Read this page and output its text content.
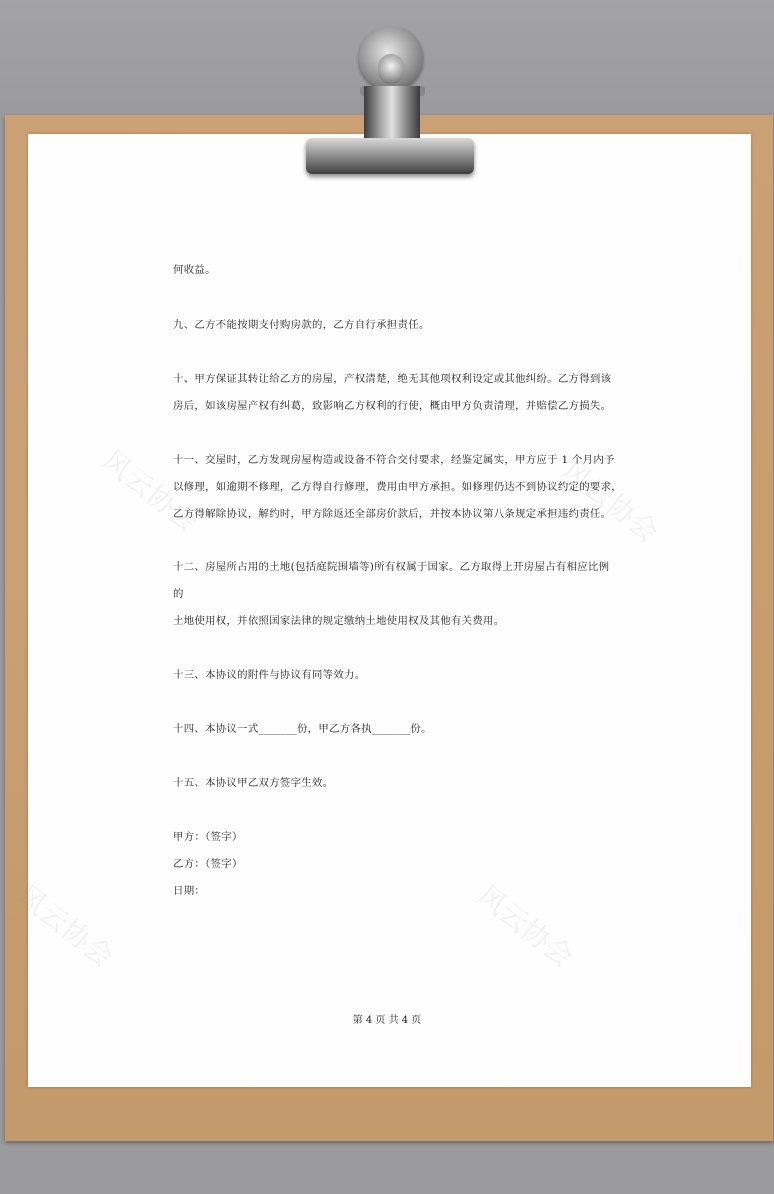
风云协会	风云协会
风云协会	风云协会
何收益。
九、乙方不能按期支付购房款的，乙方自行承担责任。
十、甲方保证其转让给乙方的房屋，产权清楚，绝无其他项权利设定或其他纠纷。乙方得到该
房后，如该房屋产权有纠葛，致影响乙方权利的行使，概由甲方负责清理，并赔偿乙方损失。
十一、交屋时，乙方发现房屋构造或设备不符合交付要求，经鉴定属实，甲方应于 1 个月内予
以修理，如逾期不修理，乙方得自行修理，费用由甲方承担。如修理仍达不到协议约定的要求，
乙方得解除协议，解约时，甲方除返还全部房价款后，并按本协议第八条规定承担违约责任。
十二、房屋所占用的土地(包括庭院围墙等)所有权属于国家。乙方取得上开房屋占有相应比例
的
土地使用权，并依照国家法律的规定缴纳土地使用权及其他有关费用。
十三、本协议的附件与协议有同等效力。
十四、本协议一式_______份，甲乙方各执_______份。
十五、本协议甲乙双方签字生效。
甲方：（签字）
乙方：（签字）
日期：
第 4 页 共 4 页
